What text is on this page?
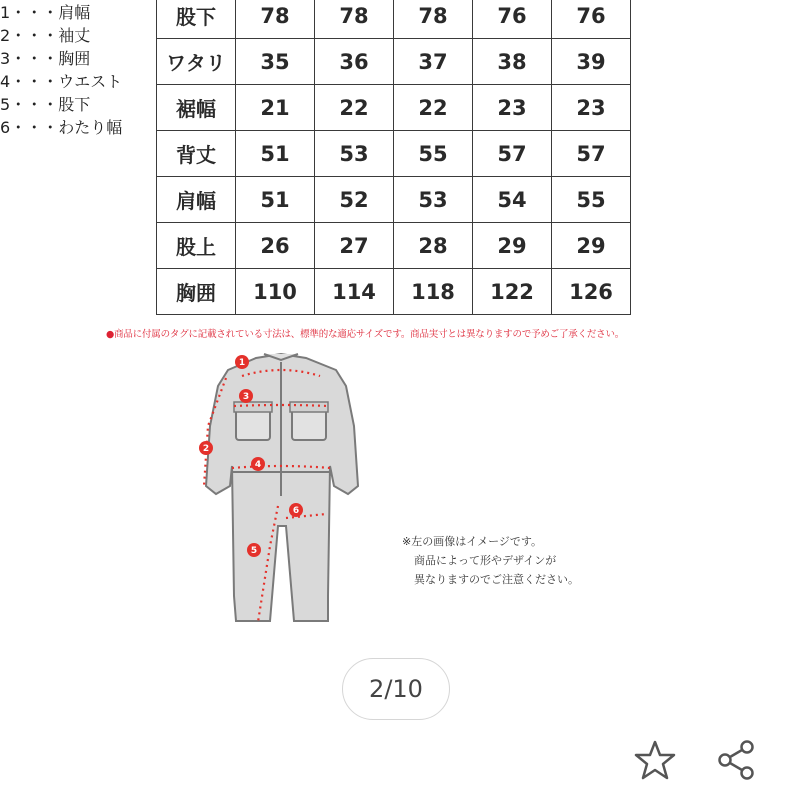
股下	78	78	78	76	76
ワタリ	35	36	37	38	39
裾幅	21	22	22	23	23
背丈	51	53	55	57	57
肩幅	51	52	53	54	55
股上	26	27	28	29	29
胸囲	110	114	118	122	126
●商品に付属のタグに記載されている寸法は、標準的な適応サイズです。商品実寸とは異なりますので予めご了承ください。
1
2
3
4
5
6
※左の画像はイメージです。
商品によって形やデザインが
異なりますのでご注意ください。
2/10
1・・・肩幅
2・・・袖丈
3・・・胸囲
4・・・ウエスト
5・・・股下
6・・・わたり幅
